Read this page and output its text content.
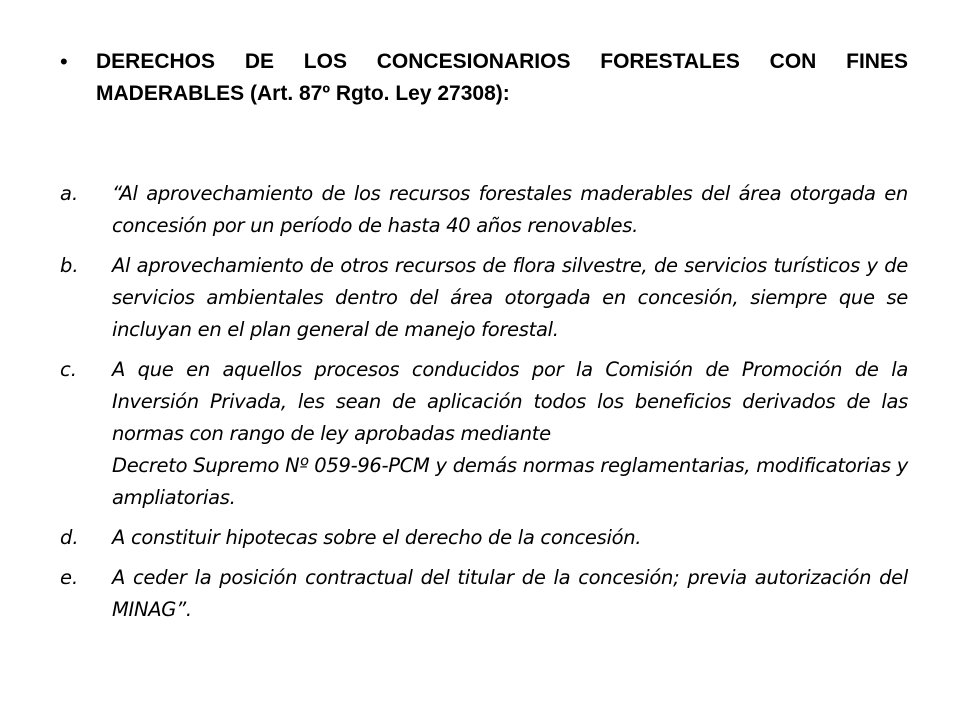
•	DERECHOS DE LOS CONCESIONARIOS FORESTALES CON FINES MADERABLES (Art. 87º Rgto. Ley 27308):
a.	“Al aprovechamiento de los recursos forestales maderables del área otorgada en concesión por un período de hasta 40 años renovables.
b.	Al aprovechamiento de otros recursos de flora silvestre, de servicios turísticos y de servicios ambientales dentro del área otorgada en concesión, siempre que se incluyan en el plan general de manejo forestal.
c.	A que en aquellos procesos conducidos por la Comisión de Promoción de la Inversión Privada, les sean de aplicación todos los beneficios derivados de las normas con rango de ley aprobadas mediante
Decreto Supremo Nº 059-96-PCM y demás normas reglamentarias, modificatorias y ampliatorias.
d.	A constituir hipotecas sobre el derecho de la concesión.
e.	A ceder la posición contractual del titular de la concesión; previa autorización del MINAG”.
